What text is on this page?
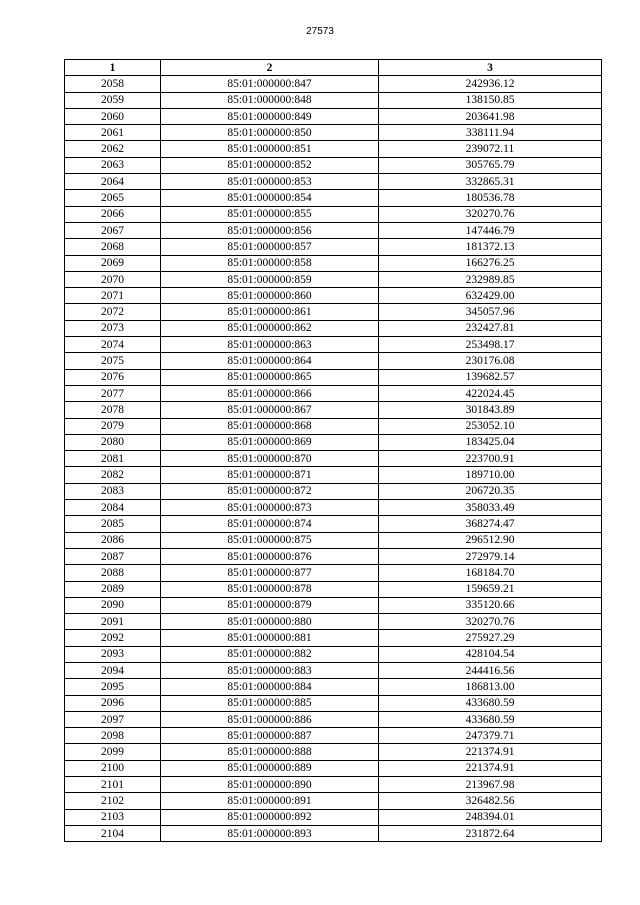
27573
1	2	3
2058	85:01:000000:847	242936.12
2059	85:01:000000:848	138150.85
2060	85:01:000000:849	203641.98
2061	85:01:000000:850	338111.94
2062	85:01:000000:851	239072.11
2063	85:01:000000:852	305765.79
2064	85:01:000000:853	332865.31
2065	85:01:000000:854	180536.78
2066	85:01:000000:855	320270.76
2067	85:01:000000:856	147446.79
2068	85:01:000000:857	181372.13
2069	85:01:000000:858	166276.25
2070	85:01:000000:859	232989.85
2071	85:01:000000:860	632429.00
2072	85:01:000000:861	345057.96
2073	85:01:000000:862	232427.81
2074	85:01:000000:863	253498.17
2075	85:01:000000:864	230176.08
2076	85:01:000000:865	139682.57
2077	85:01:000000:866	422024.45
2078	85:01:000000:867	301843.89
2079	85:01:000000:868	253052.10
2080	85:01:000000:869	183425.04
2081	85:01:000000:870	223700.91
2082	85:01:000000:871	189710.00
2083	85:01:000000:872	206720.35
2084	85:01:000000:873	358033.49
2085	85:01:000000:874	368274.47
2086	85:01:000000:875	296512.90
2087	85:01:000000:876	272979.14
2088	85:01:000000:877	168184.70
2089	85:01:000000:878	159659.21
2090	85:01:000000:879	335120.66
2091	85:01:000000:880	320270.76
2092	85:01:000000:881	275927.29
2093	85:01:000000:882	428104.54
2094	85:01:000000:883	244416.56
2095	85:01:000000:884	186813.00
2096	85:01:000000:885	433680.59
2097	85:01:000000:886	433680.59
2098	85:01:000000:887	247379.71
2099	85:01:000000:888	221374.91
2100	85:01:000000:889	221374.91
2101	85:01:000000:890	213967.98
2102	85:01:000000:891	326482.56
2103	85:01:000000:892	248394.01
2104	85:01:000000:893	231872.64
